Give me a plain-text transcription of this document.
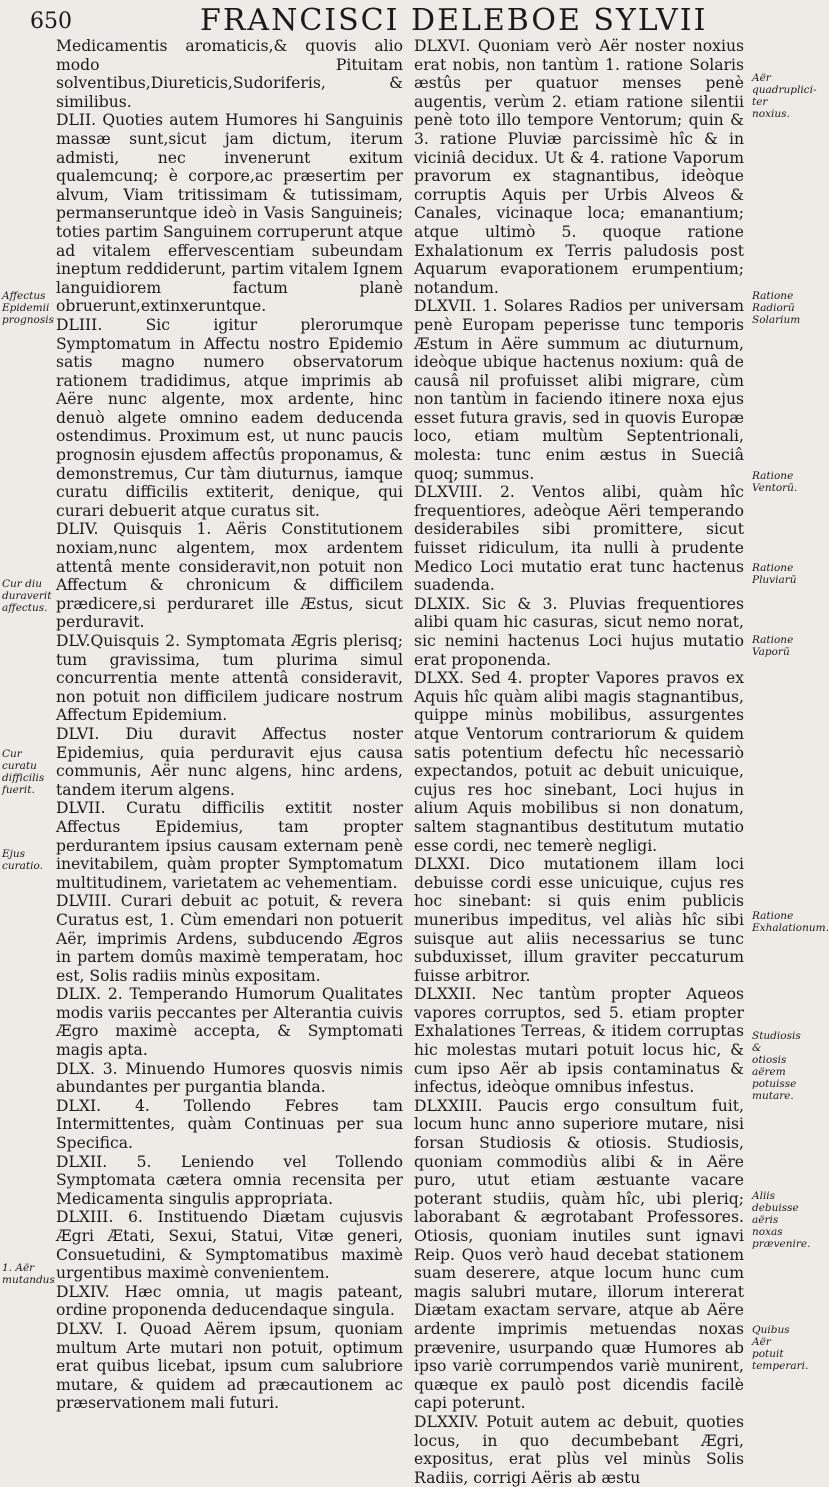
650	FRANCISCI DELEBOE SYLVII

Medicamentis aromaticis,& quovis alio modo Pituitam solventibus,Diureticis,Sudoriferis, & similibus.

DLII. Quoties autem Humores hi Sanguinis massæ sunt,sicut jam dictum, iterum admisti, nec invenerunt exitum qualemcunq; è corpore,ac præsertim per alvum, Viam tritissimam & tutissimam, permanseruntque ideò in Vasis Sanguineis; toties partim Sanguinem corruperunt atque ad vitalem effervescentiam subeundam ineptum reddiderunt, partim vitalem Ignem languidiorem factum planè obruerunt,extinxeruntque.

DLIII. Sic igitur plerorumque Symptomatum in Affectu nostro Epidemio satis magno numero observatorum rationem tradidimus, atque imprimis ab Aëre nunc algente, mox ardente, hinc denuò algete omnino eadem deducenda ostendimus. Proximum est, ut nunc paucis prognosin ejusdem affectûs proponamus, & demonstremus, Cur tàm diuturnus, iamque curatu difficilis extiterit, denique, qui curari debuerit atque curatus sit.

DLIV. Quisquis 1. Aëris Constitutionem noxiam,nunc algentem, mox ardentem attentâ mente consideravit,non potuit non Affectum & chronicum & difficilem prædicere,si perduraret ille Æstus, sicut perduravit.

DLV.Quisquis 2. Symptomata Ægris plerisq; tum gravissima, tum plurima simul concurrentia mente attentâ consideravit, non potuit non difficilem judicare nostrum Affectum Epidemium.

DLVI. Diu duravit Affectus noster Epidemius, quia perduravit ejus causa communis, Aër nunc algens, hinc ardens, tandem iterum algens.

DLVII. Curatu difficilis extitit noster Affectus Epidemius, tam propter perdurantem ipsius causam externam penè inevitabilem, quàm propter Symptomatum multitudinem, varietatem ac vehementiam.

DLVIII. Curari debuit ac potuit, & revera Curatus est, 1. Cùm emendari non potuerit Aër, imprimis Ardens, subducendo Ægros in partem domûs maximè temperatam, hoc est, Solis radiis minùs expositam.

DLIX. 2. Temperando Humorum Qualitates modis variis peccantes per Alterantia cuivis Ægro maximè accepta, & Symptomati magis apta.

DLX. 3. Minuendo Humores quosvis nimis abundantes per purgantia blanda.

DLXI. 4. Tollendo Febres tam Intermittentes, quàm Continuas per sua Specifica.

DLXII. 5. Leniendo vel Tollendo Symptomata cætera omnia recensita per Medicamenta singulis appropriata.

DLXIII. 6. Instituendo Diætam cujusvis Ægri Ætati, Sexui, Statui, Vitæ generi, Consuetudini, & Symptomatibus maximè urgentibus maximè convenientem.

DLXIV. Hæc omnia, ut magis pateant, ordine proponenda deducendaque singula.

DLXV. I. Quoad Aërem ipsum, quoniam multum Arte mutari non potuit, optimum erat quibus licebat, ipsum cum salubriore mutare, & quidem ad præcautionem ac præservationem mali futuri.

DLXVI. Quoniam verò Aër noster noxius erat nobis, non tantùm 1. ratione Solaris æstûs per quatuor menses penè augentis, verùm 2. etiam ratione silentii penè toto illo tempore Ventorum; quin & 3. ratione Pluviæ parcissimè hîc & in viciniâ decidux. Ut & 4. ratione Vaporum pravorum ex stagnantibus, ideòque corruptis Aquis per Urbis Alveos & Canales, vicinaque loca; emanantium; atque ultimò 5. quoque ratione Exhalationum ex Terris paludosis post Aquarum evaporationem erumpentium; notandum.

DLXVII. 1. Solares Radios per universam penè Europam peperisse tunc temporis Æstum in Aëre summum ac diuturnum, ideòque ubique hactenus noxium: quâ de causâ nil profuisset alibi migrare, cùm non tantùm in faciendo itinere noxa ejus esset futura gravis, sed in quovis Europæ loco, etiam multùm Septentrionali, molesta: tunc enim æstus in Sueciâ quoq; summus.

DLXVIII. 2. Ventos alibi, quàm hîc frequentiores, adeòque Aëri temperando desiderabiles sibi promittere, sicut fuisset ridiculum, ita nulli à prudente Medico Loci mutatio erat tunc hactenus suadenda.

DLXIX. Sic & 3. Pluvias frequentiores alibi quam hic casuras, sicut nemo norat, sic nemini hactenus Loci hujus mutatio erat proponenda.

DLXX. Sed 4. propter Vapores pravos ex Aquis hîc quàm alibi magis stagnantibus, quippe minùs mobilibus, assurgentes atque Ventorum contrariorum & quidem satis potentium defectu hîc necessariò expectandos, potuit ac debuit unicuique, cujus res hoc sinebant, Loci hujus in alium Aquis mobilibus si non donatum, saltem stagnantibus destitutum mutatio esse cordi, nec temerè negligi.

DLXXI. Dico mutationem illam loci debuisse cordi esse unicuique, cujus res hoc sinebant: si quis enim publicis muneribus impeditus, vel aliàs hîc sibi suisque aut aliis necessarius se tunc subduxisset, illum graviter peccaturum fuisse arbitror.

DLXXII. Nec tantùm propter Aqueos vapores corruptos, sed 5. etiam propter Exhalationes Terreas, & itidem corruptas hic molestas mutari potuit locus hic, & cum ipso Aër ab ipsis contaminatus & infectus, ideòque omnibus infestus.

DLXXIII. Paucis ergo consultum fuit, locum hunc anno superiore mutare, nisi forsan Studiosis & otiosis. Studiosis, quoniam commodiùs alibi & in Aëre puro, utut etiam æstuante vacare poterant studiis, quàm hîc, ubi pleriq; laborabant & ægrotabant Professores. Otiosis, quoniam inutiles sunt ignavi Reip. Quos verò haud decebat stationem suam deserere, atque locum hunc cum magis salubri mutare, illorum intererat Diætam exactam servare, atque ab Aëre ardente imprimis metuendas noxas prævenire, usurpando quæ Humores ab ipso variè corrumpendos variè munirent, quæque ex paulò post dicendis facilè capi poterunt.

DLXXIV. Potuit autem ac debuit, quoties locus, in quo decumbebant Ægri, expositus, erat plùs vel minùs Solis Radiis, corrigi Aëris ab æstu

Affectus Epidemii prognosis
Cur diu duraverit affectus.
Cur curatu difficilis fuerit.
Ejus curatio.
1. Aër mutandus
Aër quadrupliciter noxius.
Ratione Radiorū Solarium
Ratione Ventorū.
Ratione Pluviarū
Ratione Vaporū
Ratione Exhalationum.
Studiosis & otiosis aërem potuisse mutare.
Aliis debuisse aëris noxas prævenire.
Quibus Aër potuit temperari.
